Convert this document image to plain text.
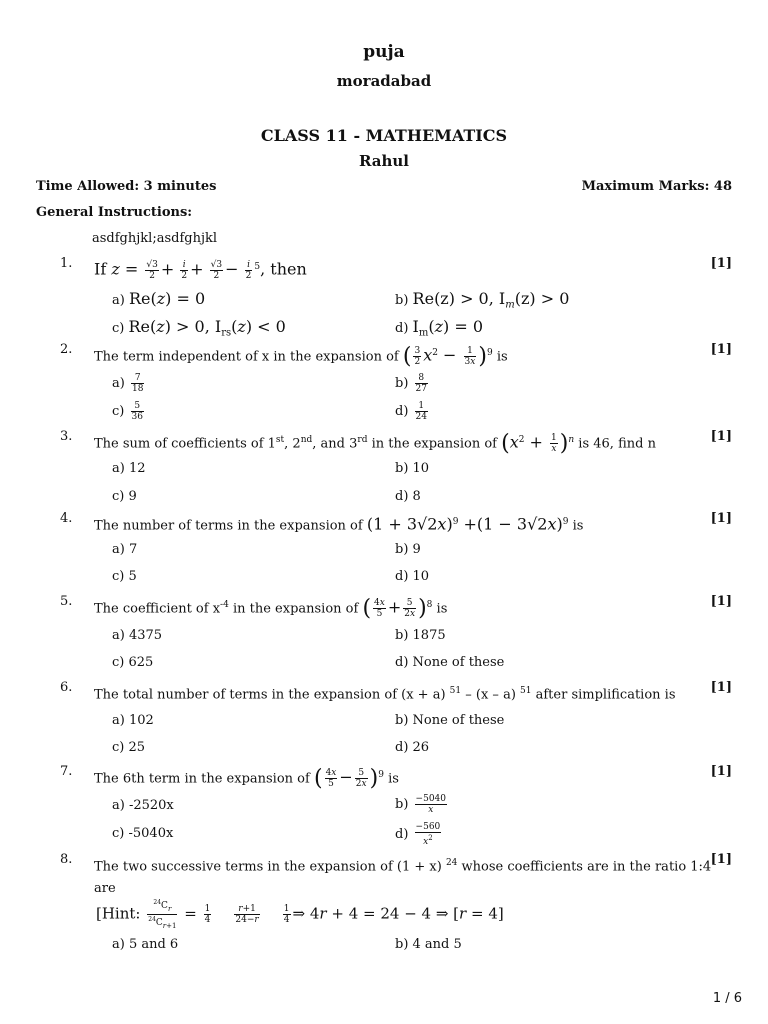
puja
moradabad
CLASS 11 - MATHEMATICS
Rahul
Time Allowed: 3 minutes	Maximum Marks: 48
General Instructions:
asdfghjkl;asdfghjkl
1. If $z = \frac{√3}{2} + \frac{i}{2} + \frac{√3}{2} - \frac{i}{2} ^5$, then	[1]
a) Re(z) = 0	b) Re(z) > 0, $I_m(z) > 0$
c) Re(z) > 0, $I_{rs}(z) < 0$	d) $I_m(z) = 0$
2. The term independent of x in the expansion of ( $\frac{3}{2} x^2 - \frac{1}{3x} )^9$ is	[1]
$a) \frac{7}{18}$	$b) \frac{8}{27}$
$c) \frac{5}{36}$	$d) \frac{1}{24}$
3. The sum of coefficients of 1st, 2nd, and 3rd in the expansion of $(x^2 + \frac{1}{x} )^n$ is 46, find n	[1]
a) 12	b) 10
c) 9	d) 8
4. The number of terms in the expansion of $(1 + 3√2x)^9 +(1 - 3√2x)^9$ is	[1]
a) 7	b) 9
c) 5	d) 10
5. The coefficient of $x^{-4}$ in the expansion of ( $\frac{4x}{5} + \frac{5}{2x} )^8$ is	[1]
a) 4375	b) 1875
c) 625	d) None of these
6. The total number of terms in the expansion of (x + a) $^{51}$ – (x – a) $^{51}$ after simplification is	[1]
a) 102	b) None of these
c) 25	d) 26
7. The 6th term in the expansion of ( $\frac{4x}{5} - \frac{5}{2x} )^9$ is	[1]
a) -2520x	$b) \frac{-5040}{x}$
c) -5040x	$d) \frac{-560}{x^2}$
8. The two successive terms in the expansion of (1 + x) $^{24}$ whose coefficients are in the ratio 1:4
are
[1]
[Hint: $\frac{^{24}C_r}{^{24}C_{r+1}} = \frac{1}{4}$
	$\frac{r+1}{24-r}$
	$\frac{1}{4}$ ⇒ 4r + 4 = 24 − 4 ⇒ [r = 4]
a) 5 and 6	b) 4 and 5
1 / 6
